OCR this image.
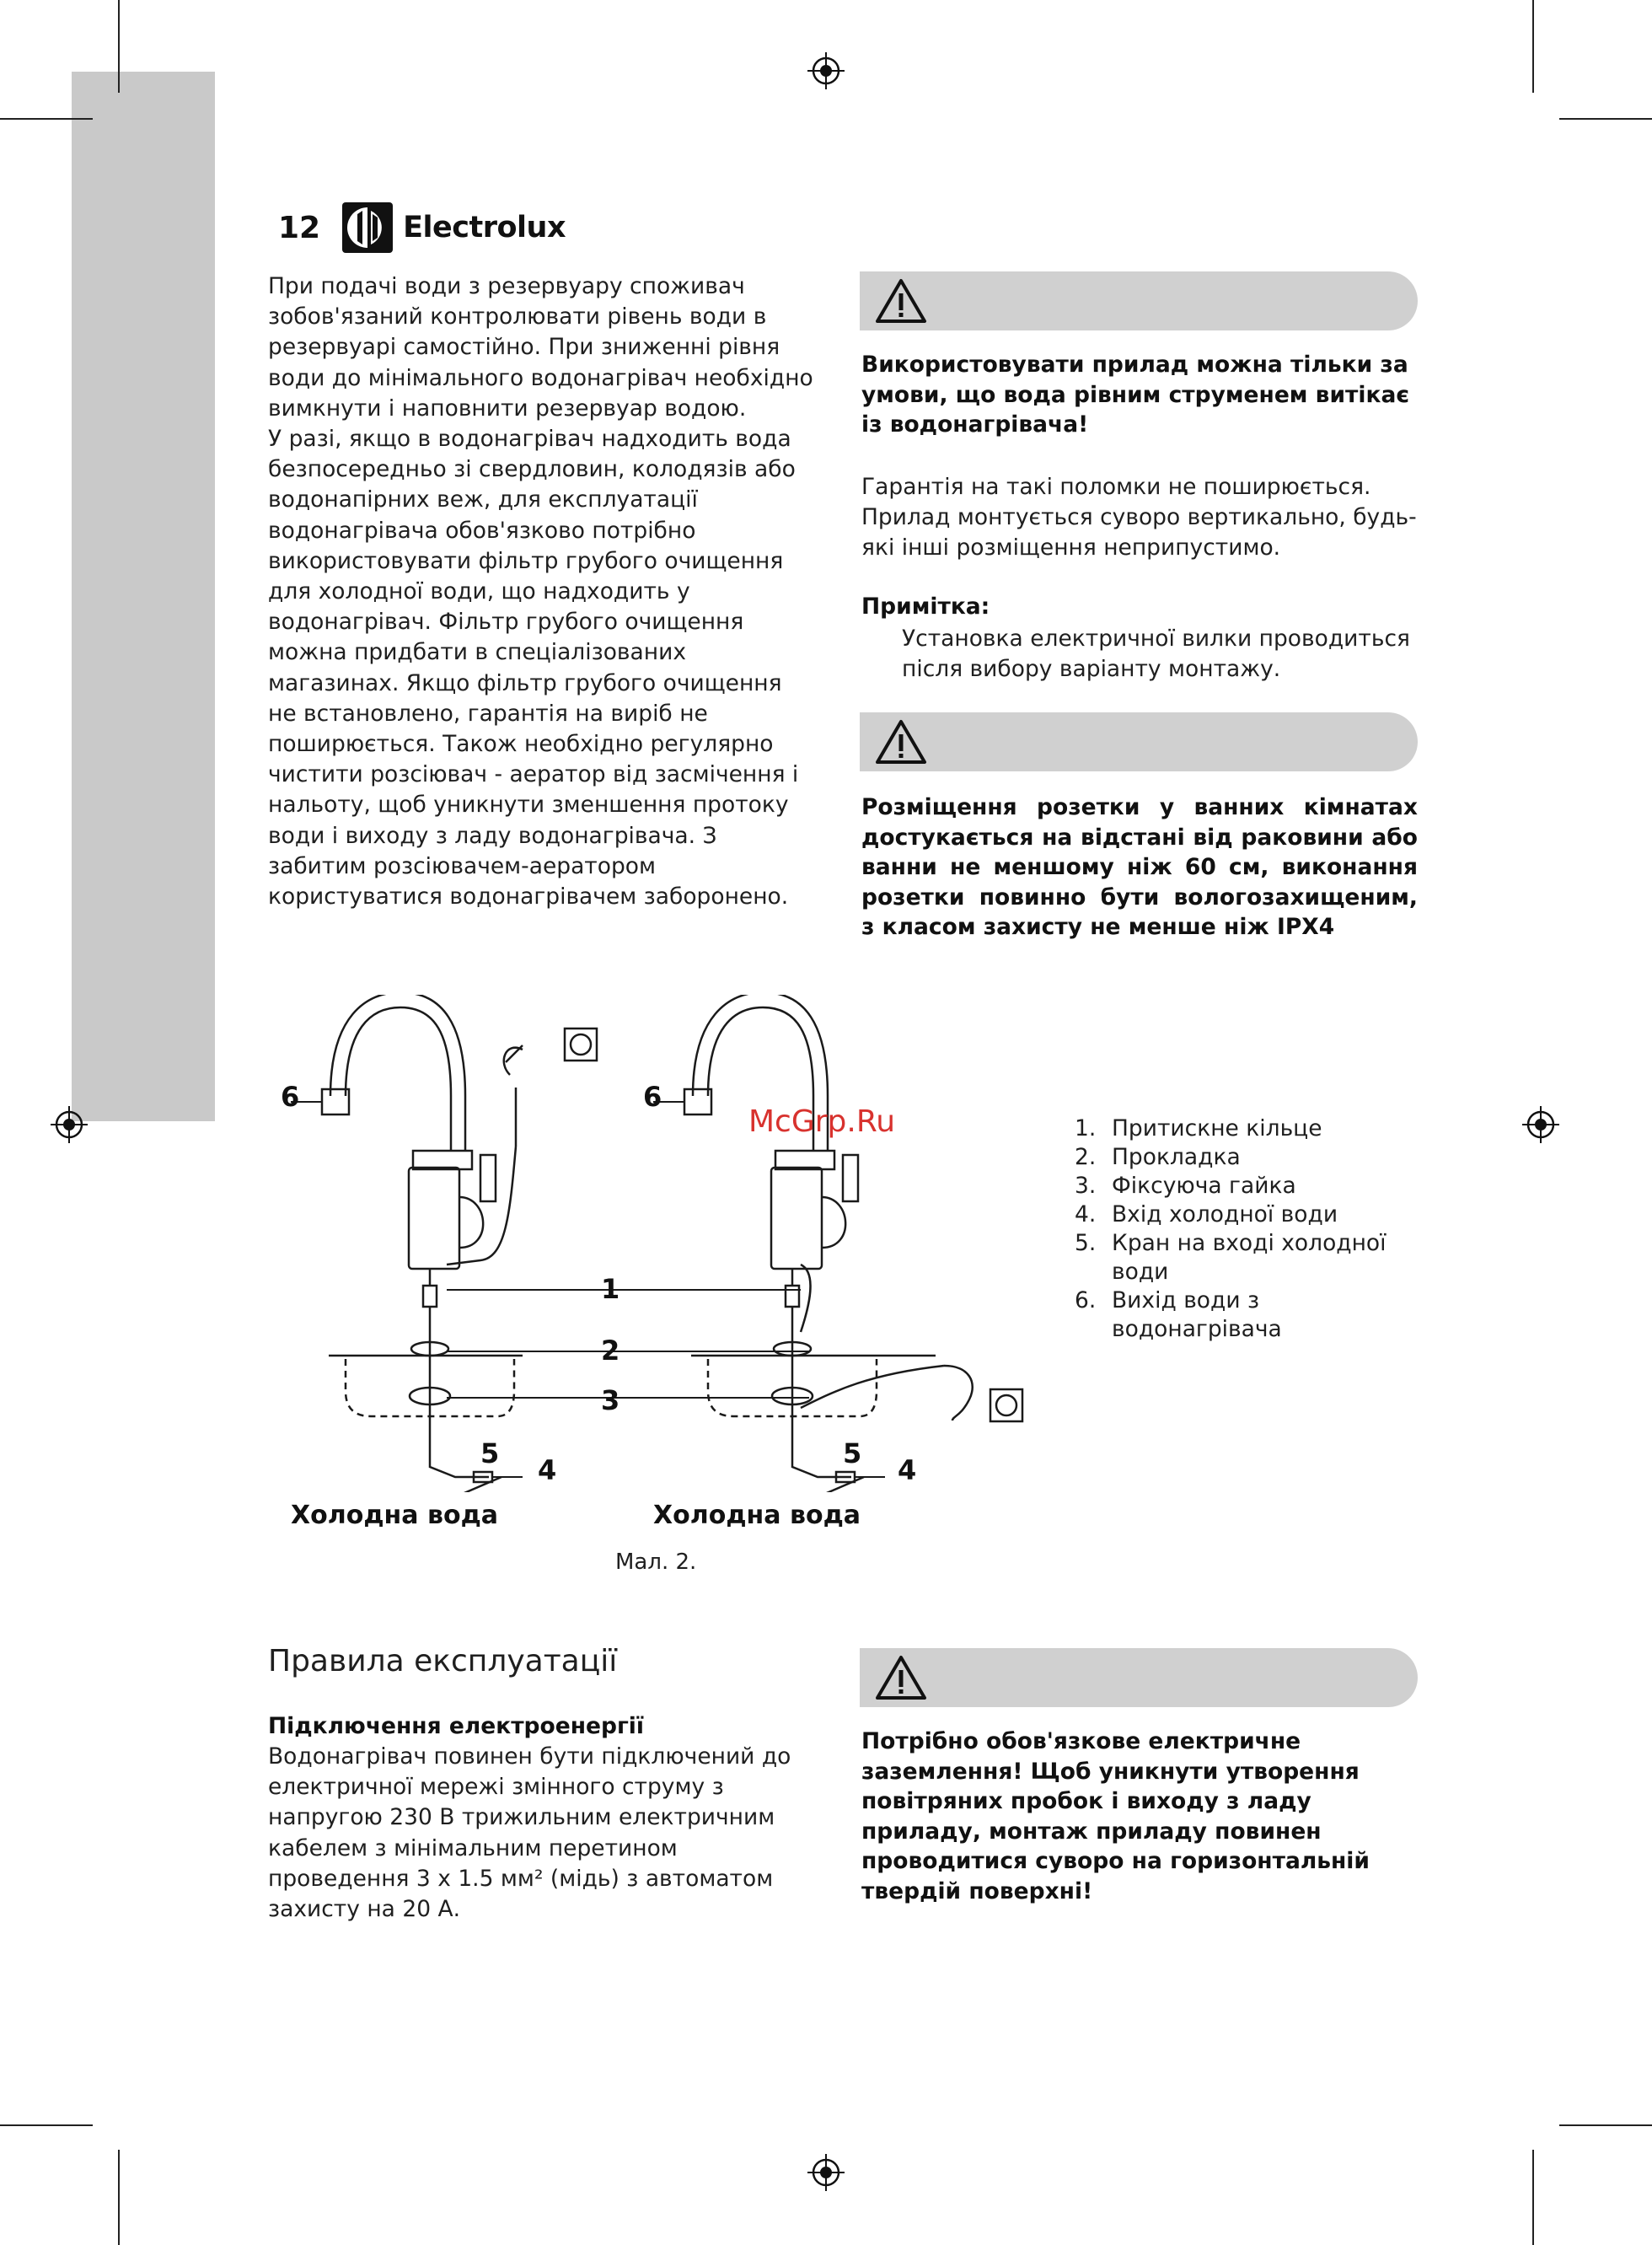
12	Electrolux

При подачі води з резервуару споживач зобов'язаний контролювати рівень води в резервуарі самостійно. При зниженні рівня води до мінімального водонагрівач необхідно вимкнути і наповнити резервуар водою.

У разі, якщо в водонагрівач надходить вода безпосередньо зі свердловин, колодязів або водонапірних веж, для експлуатації водонагрівача обов'язково потрібно використовувати фільтр грубого очищення для холодної води, що надходить у водонагрівач. Фільтр грубого очищення можна придбати в спеціалізованих магазинах. Якщо фільтр грубого очищення не встановлено, гарантія на виріб не поширюється. Також необхідно регулярно чистити розсіювач - аератор від засмічення і нальоту, щоб уникнути зменшення протоку води і виходу з ладу водонагрівача. З забитим розсіювачем-аератором користуватися водонагрівачем заборонено.

Використовувати прилад можна тільки за умови, що вода рівним струменем витікає із водонагрівача!
Гарантія на такі поломки не поширюється. Прилад монтується суворо вертикально, будь-які інші розміщення неприпустимо.
Примітка:
Установка електричної вилки проводиться після вибору варіанту монтажу.
Розміщення розетки у ванних кімнатах достукається на відстані від раковини або ванни не меншому ніж 60 см, виконання розетки повинно бути вологозахищеним, з класом захисту не менше ніж IPX4
6	6
1
2
3
5	5
4	4
McGrp.Ru
Холодна вода	Холодна вода
Мал. 2.
1. Притискне кільце
2. Прокладка
3. Фіксуюча гайка
4. Вхід холодної води
5. Кран на вході холодної води
6. Вихід води з водонагрівача
Правила експлуатації
Підключення електроенергії
Водонагрівач повинен бути підключений до електричної мережі змінного струму з напругою 230 В трижильним електричним кабелем з мінімальним перетином проведення 3 х 1.5 мм² (мідь) з автоматом захисту на 20 А.
Потрібно обов'язкове електричне заземлення! Щоб уникнути утворення повітряних пробок і виходу з ладу приладу, монтаж приладу повинен проводитися суворо на горизонтальній твердій поверхні!
